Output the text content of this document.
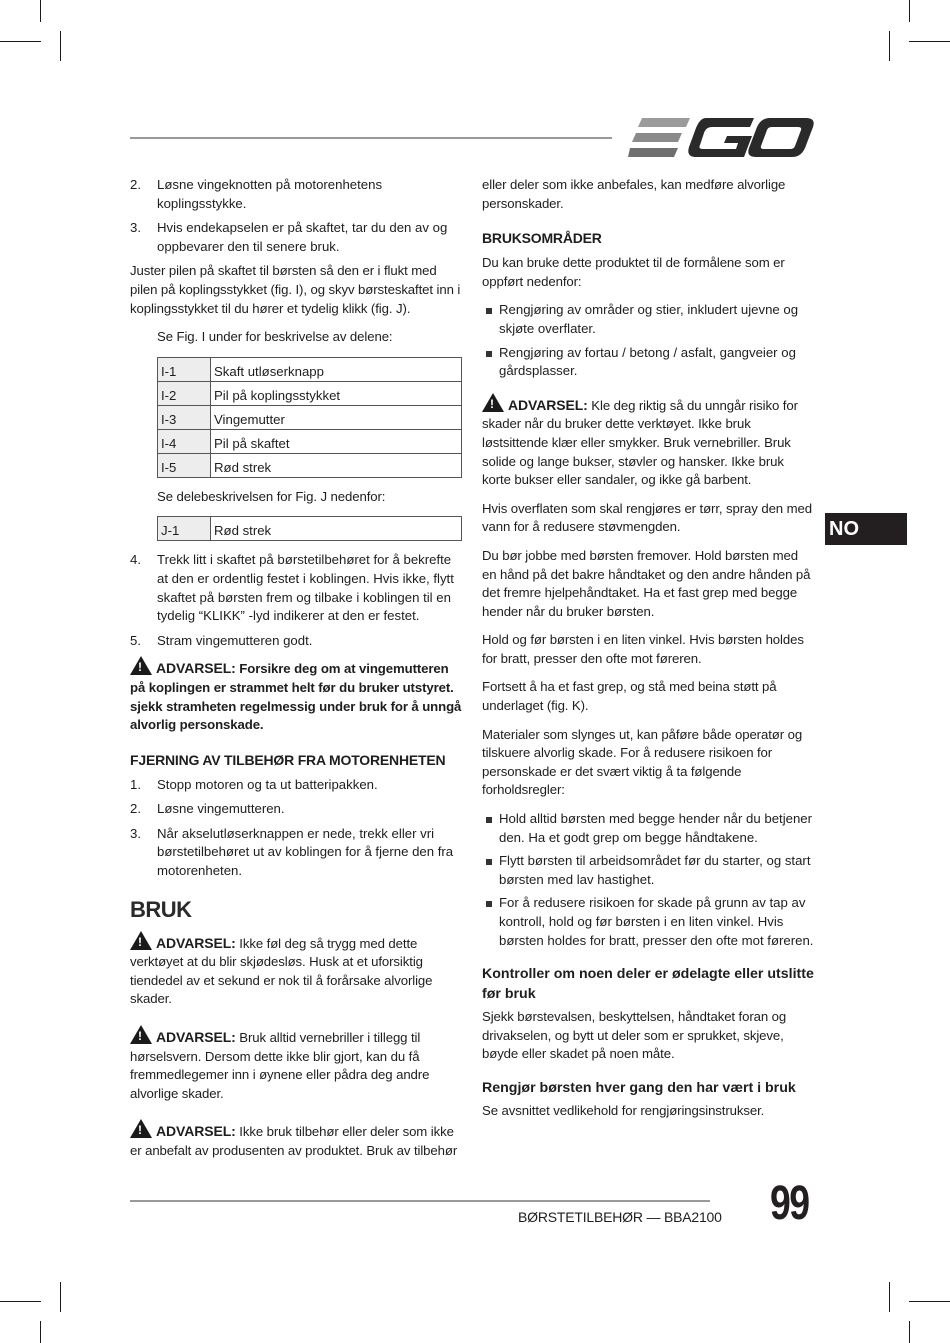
2.	Løsne vingeknotten på motorenhetens koplingsstykke.
3.	Hvis endekapselen er på skaftet, tar du den av og oppbevarer den til senere bruk.

Juster pilen på skaftet til børsten så den er i flukt med pilen på koplingsstykket (fig. I), og skyv børsteskaftet inn i koplingsstykket til du hører et tydelig klikk (fig. J).

Se Fig. I under for beskrivelse av delene:

I-1	Skaft utløserknapp
I-2	Pil på koplingsstykket
I-3	Vingemutter
I-4	Pil på skaftet
I-5	Rød strek

Se delebeskrivelsen for Fig. J nedenfor:

J-1	Rød strek
4.	Trekk litt i skaftet på børstetilbehøret for å bekrefte at den er ordentlig festet i koblingen. Hvis ikke, flytt skaftet på børsten frem og tilbake i koblingen til en tydelig “KLIKK” -lyd indikerer at den er festet.
5.	Stram vingemutteren godt.

!ADVARSEL: Forsikre deg om at vingemutteren på koplingen er strammet helt før du bruker utstyret. sjekk stramheten regelmessig under bruk for å unngå alvorlig personskade.

FJERNING AV TILBEHØR FRA MOTORENHETEN
1.	Stopp motoren og ta ut batteripakken.
2.	Løsne vingemutteren.
3.	Når akselutløserknappen er nede, trekk eller vri børstetilbehøret ut av koblingen for å fjerne den fra motorenheten.
BRUK

!ADVARSEL: Ikke føl deg så trygg med dette verktøyet at du blir skjødesløs. Husk at et uforsiktig tiendedel av et sekund er nok til å forårsake alvorlige skader.

!ADVARSEL: Bruk alltid vernebriller i tillegg til hørselsvern. Dersom dette ikke blir gjort, kan du få fremmedlegemer inn i øynene eller pådra deg andre alvorlige skader.

!ADVARSEL: Ikke bruk tilbehør eller deler som ikke er anbefalt av produsenten av produktet. Bruk av tilbehør

eller deler som ikke anbefales, kan medføre alvorlige personskader.

BRUKSOMRÅDER

Du kan bruke dette produktet til de formålene som er oppført nedenfor:

Rengjøring av områder og stier, inkludert ujevne og skjøte overflater.
Rengjøring av fortau / betong / asfalt, gangveier og gårdsplasser.

!ADVARSEL: Kle deg riktig så du unngår risiko for skader når du bruker dette verktøyet. Ikke bruk løstsittende klær eller smykker. Bruk vernebriller. Bruk solide og lange bukser, støvler og hansker. Ikke bruk korte bukser eller sandaler, og ikke gå barbent.

Hvis overflaten som skal rengjøres er tørr, spray den med vann for å redusere støvmengden.

Du bør jobbe med børsten fremover. Hold børsten med en hånd på det bakre håndtaket og den andre hånden på det fremre hjelpehåndtaket. Ha et fast grep med begge hender når du bruker børsten.

Hold og før børsten i en liten vinkel. Hvis børsten holdes for bratt, presser den ofte mot føreren.

Fortsett å ha et fast grep, og stå med beina støtt på underlaget (fig. K).

Materialer som slynges ut, kan påføre både operatør og tilskuere alvorlig skade. For å redusere risikoen for personskade er det svært viktig å ta følgende forholdsregler:

Hold alltid børsten med begge hender når du betjener den. Ha et godt grep om begge håndtakene.
Flytt børsten til arbeidsområdet før du starter, og start børsten med lav hastighet.
For å redusere risikoen for skade på grunn av tap av kontroll, hold og før børsten i en liten vinkel. Hvis børsten holdes for bratt, presser den ofte mot føreren.
Kontroller om noen deler er ødelagte eller utslitte før bruk

Sjekk børstevalsen, beskyttelsen, håndtaket foran og drivakselen, og bytt ut deler som er sprukket, skjeve, bøyde eller skadet på noen måte.

Rengjør børsten hver gang den har vært i bruk

Se avsnittet vedlikehold for rengjøringsinstrukser.

NO
BØRSTETILBEHØR — BBA2100 99
